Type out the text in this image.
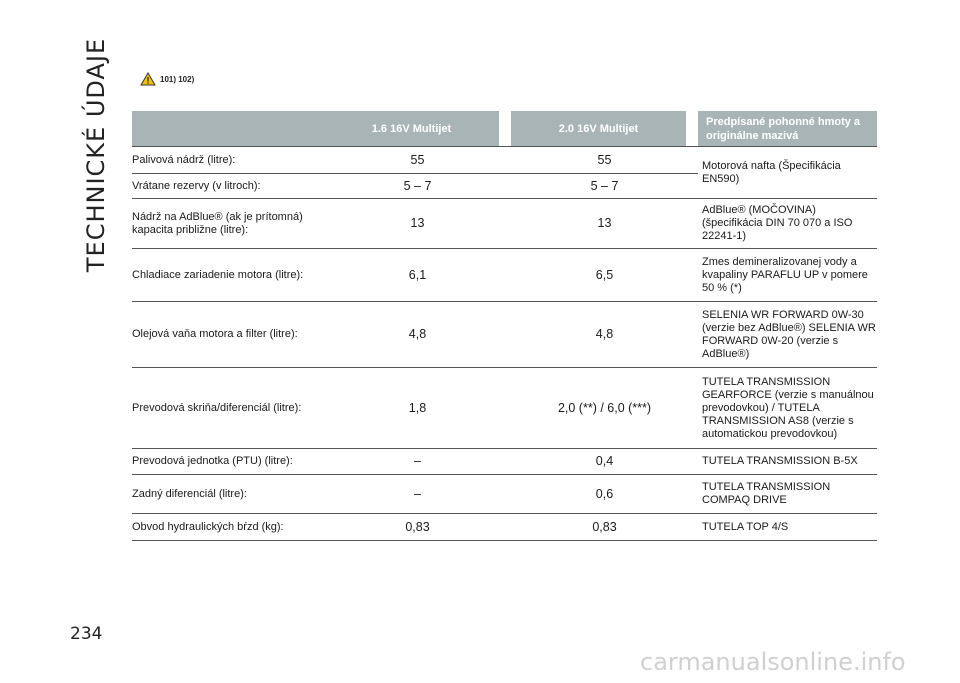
TECHNICKÉ ÚDAJE	101) 102)
	1.6 16V Multijet		2.0 16V Multijet		Predpísané pohonné hmoty a originálne mazivá
Palivová nádrž (litre):	55		55		Motorová nafta (Špecifikácia EN590)
Vrátane rezervy (v litroch):	5 – 7		5 – 7		
Nádrž na AdBlue® (ak je prítomná) kapacita približne (litre):	13		13		AdBlue® (MOČOVINA) (špecifikácia DIN 70 070 a ISO 22241-1)
Chladiace zariadenie motora (litre):	6,1		6,5		Zmes demineralizovanej vody a kvapaliny PARAFLU UP v pomere 50 % (*)
Olejová vaňa motora a filter (litre):	4,8		4,8		SELENIA WR FORWARD 0W-30 (verzie bez AdBlue®) SELENIA WR FORWARD 0W-20 (verzie s AdBlue®)
Prevodová skriňa/diferenciál (litre):	1,8		2,0 (**) / 6,0 (***)		TUTELA TRANSMISSION GEARFORCE (verzie s manuálnou prevodovkou) / TUTELA TRANSMISSION AS8 (verzie s automatickou prevodovkou)
Prevodová jednotka (PTU) (litre):	–		0,4		TUTELA TRANSMISSION B-5X
Zadný diferenciál (litre):	–		0,6		TUTELA TRANSMISSION COMPAQ DRIVE
Obvod hydraulických bŕzd (kg):	0,83		0,83		TUTELA TOP 4/S
234
carmanualsonline.info
